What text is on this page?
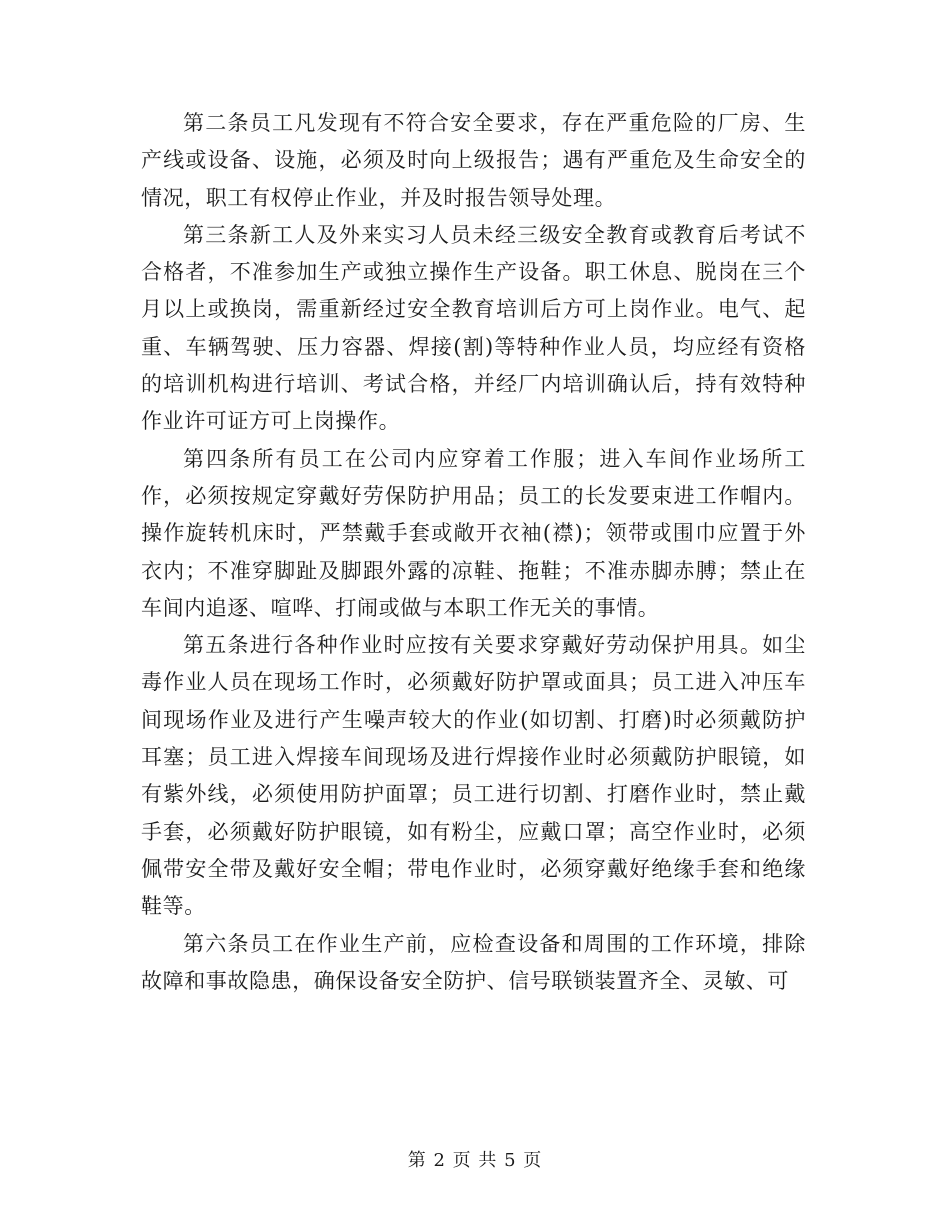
第二条员工凡发现有不符合安全要求，存在严重危险的厂房、生产线或设备、设施，必须及时向上级报告；遇有严重危及生命安全的情况，职工有权停止作业，并及时报告领导处理。

第三条新工人及外来实习人员未经三级安全教育或教育后考试不合格者，不准参加生产或独立操作生产设备。职工休息、脱岗在三个月以上或换岗，需重新经过安全教育培训后方可上岗作业。电气、起重、车辆驾驶、压力容器、焊接(割)等特种作业人员，均应经有资格的培训机构进行培训、考试合格，并经厂内培训确认后，持有效特种作业许可证方可上岗操作。

第四条所有员工在公司内应穿着工作服；进入车间作业场所工作，必须按规定穿戴好劳保防护用品；员工的长发要束进工作帽内。操作旋转机床时，严禁戴手套或敞开衣袖(襟)；领带或围巾应置于外衣内；不准穿脚趾及脚跟外露的凉鞋、拖鞋；不准赤脚赤膊；禁止在车间内追逐、喧哗、打闹或做与本职工作无关的事情。

第五条进行各种作业时应按有关要求穿戴好劳动保护用具。如尘毒作业人员在现场工作时，必须戴好防护罩或面具；员工进入冲压车间现场作业及进行产生噪声较大的作业(如切割、打磨)时必须戴防护耳塞；员工进入焊接车间现场及进行焊接作业时必须戴防护眼镜，如有紫外线，必须使用防护面罩；员工进行切割、打磨作业时，禁止戴手套，必须戴好防护眼镜，如有粉尘，应戴口罩；高空作业时，必须佩带安全带及戴好安全帽；带电作业时，必须穿戴好绝缘手套和绝缘鞋等。

第六条员工在作业生产前，应检查设备和周围的工作环境，排除故障和事故隐患，确保设备安全防护、信号联锁装置齐全、灵敏、可

第 2 页 共 5 页
